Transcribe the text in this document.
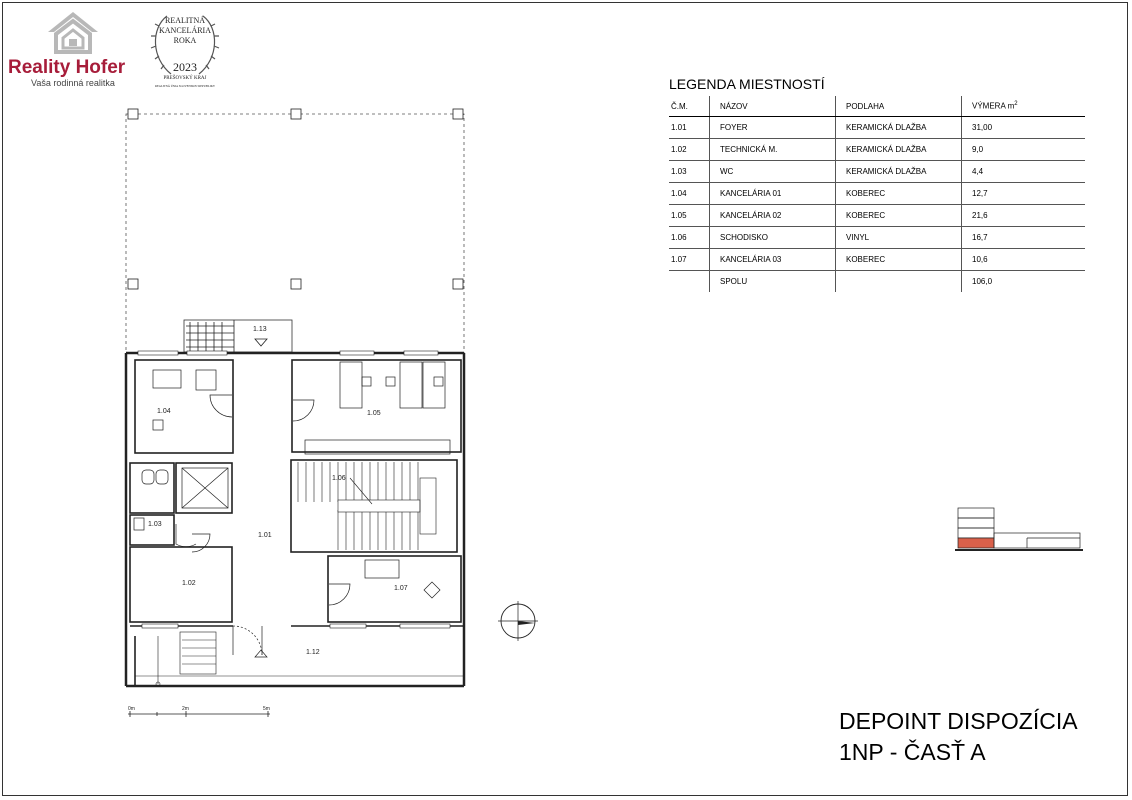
Reality Hofer
Vaša rodinná realitka
REALITNÁ
KANCELÁRIA
ROKA
2023
PREŠOVSKÝ KRAJ
REALITNÁ ÚNIA SLOVENSKEJ REPUBLIKY	LEGENDA MIESTNOSTÍ
Č.M.	NÁZOV	PODLAHA	VÝMERA $m^2$
1.01	FOYER	KERAMICKÁ DLAŽBA	31,00
1.02	TECHNICKÁ M.	KERAMICKÁ DLAŽBA	9,0
1.03	WC	KERAMICKÁ DLAŽBA	4,4
1.04	KANCELÁRIA 01	KOBEREC	12,7
1.05	KANCELÁRIA 02	KOBEREC	21,6
1.06	SCHODISKO	VINYL	16,7
1.07	KANCELÁRIA 03	KOBEREC	10,6
	SPOLU		106,0
1.13
1.04	1.05
1.06
1.03
1.01
1.02
1.07
1.12
0m	2m	5m	DEPOINT DISPOZÍCIA
1NP - ČASŤ A
